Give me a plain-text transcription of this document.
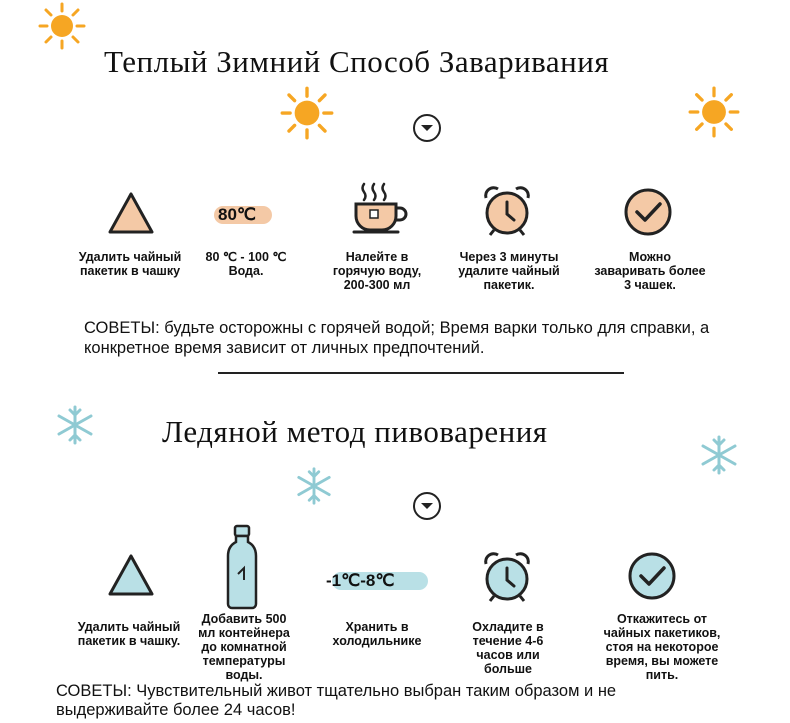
Теплый Зимний Способ Заваривания
80℃
Удалить чайный пакетик в чашку
80 ℃ - 100 ℃ Вода.
Налейте в горячую воду, 200-300 мл
Через 3 минуты удалите чайный пакетик.
Можно заваривать более 3 чашек.
СОВЕТЫ: будьте осторожны с горячей водой; Время варки только для справки, а конкретное время зависит от личных предпочтений.
Ледяной метод пивоварения
-1℃-8℃
Удалить чайный пакетик в чашку.
Добавить 500 мл контейнера до комнатной температуры воды.
Хранить в холодильнике
Охладите в течение 4-6 часов или больше
Откажитесь от чайных пакетиков, стоя на некоторое время, вы можете пить.
СОВЕТЫ: Чувствительный живот тщательно выбран таким образом и не выдерживайте более 24 часов!
